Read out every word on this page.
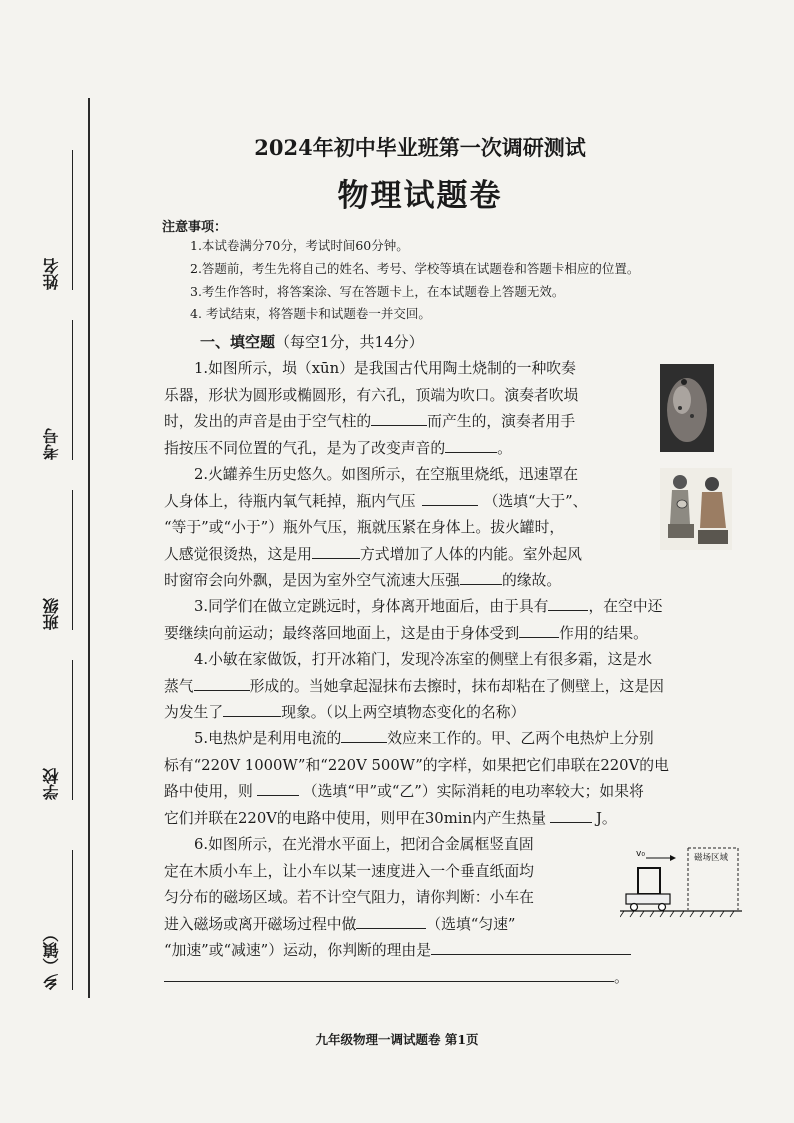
姓名
考号
班级
学校
乡（镇）
2024年初中毕业班第一次调研测试
物理试题卷
注意事项：
1.本试卷满分70分，考试时间60分钟。
2.答题前，考生先将自己的姓名、考号、学校等填在试题卷和答题卡相应的位置。
3.考生作答时，将答案涂、写在答题卡上，在本试题卷上答题无效。
4. 考试结束，将答题卡和试题卷一并交回。
一、填空题（每空1分，共14分）
1.如图所示，埙（xūn）是我国古代用陶土烧制的一种吹奏
乐器，形状为圆形或椭圆形，有六孔，顶端为吹口。演奏者吹埙
时，发出的声音是由于空气柱的	而产生的，演奏者用手
指按压不同位置的气孔，是为了改变声音的	。
2.火罐养生历史悠久。如图所示，在空瓶里烧纸，迅速罩在
人身体上，待瓶内氧气耗掉，瓶内气压	（选填“大于”、
“等于”或“小于”）瓶外气压，瓶就压紧在身体上。拔火罐时，
人感觉很烫热，这是用	方式增加了人体的内能。室外起风
时窗帘会向外飘，是因为室外空气流速大压强	的缘故。
3.同学们在做立定跳远时，身体离开地面后，由于具有	，在空中还
要继续向前运动；最终落回地面上，这是由于身体受到	作用的结果。
4.小敏在家做饭，打开冰箱门，发现冷冻室的侧壁上有很多霜，这是水
蒸气	形成的。当她拿起湿抹布去擦时，抹布却粘在了侧壁上，这是因
为发生了	现象。（以上两空填物态变化的名称）
5.电热炉是利用电流的	效应来工作的。甲、乙两个电热炉上分别
标有“220V 1000W”和“220V 500W”的字样，如果把它们串联在220V的电
路中使用，则	（选填“甲”或“乙”）实际消耗的电功率较大；如果将
它们并联在220V的电路中使用，则甲在30min内产生热量	J。
6.如图所示，在光滑水平面上，把闭合金属框竖直固
定在木质小车上，让小车以某一速度进入一个垂直纸面均
匀分布的磁场区域。若不计空气阻力，请你判断：小车在
进入磁场或离开磁场过程中做	（选填“匀速”
“加速”或“减速”）运动，你判断的理由是
。
磁场区域
v₀
九年级物理一调试题卷 第1页
